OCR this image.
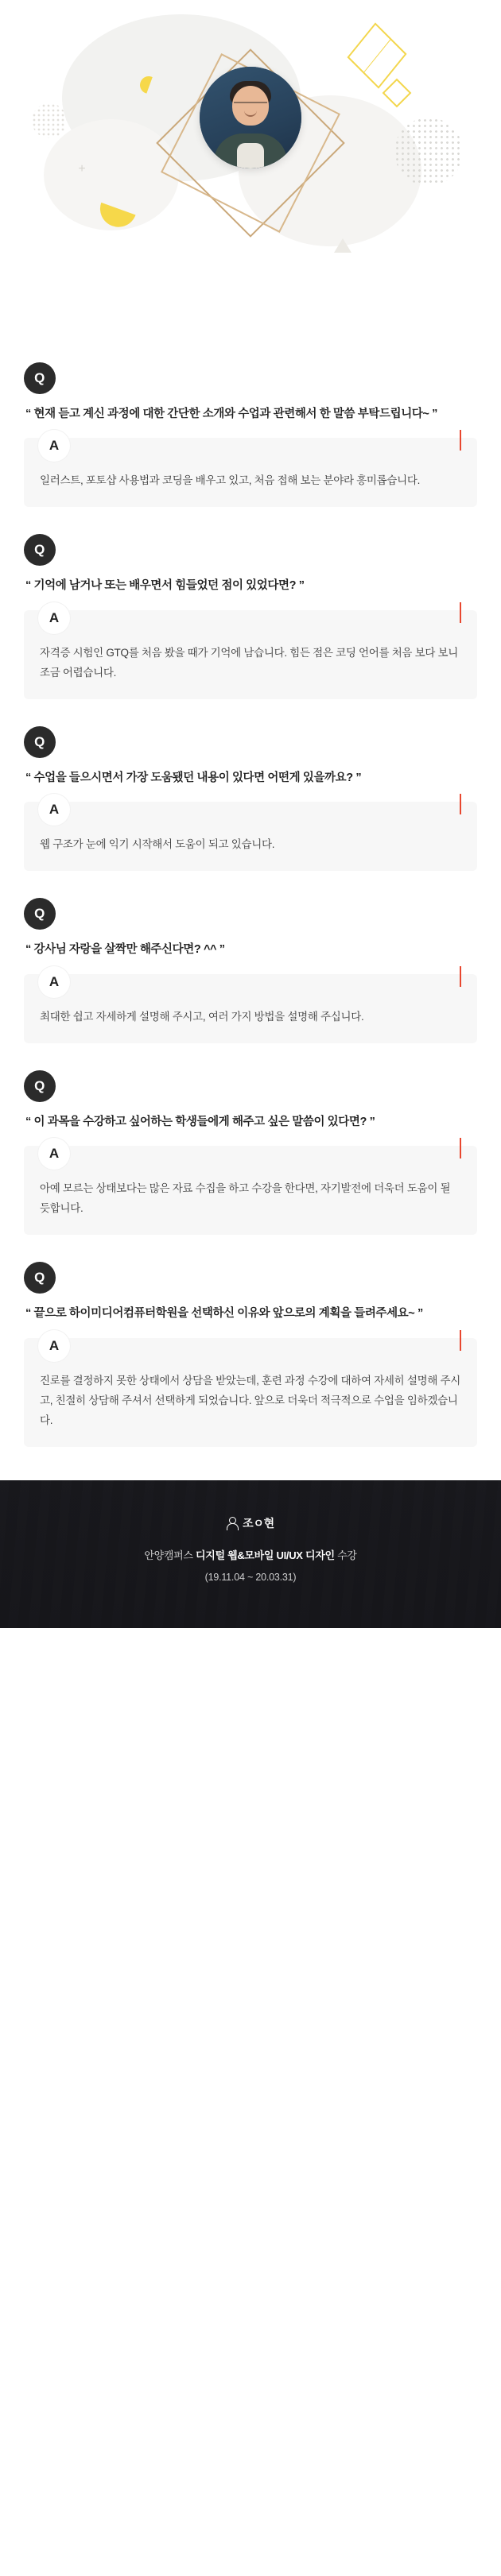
+
Q
“ 현재 듣고 계신 과정에 대한 간단한 소개와 수업과 관련해서 한 말씀 부탁드립니다~ ”
A
일러스트, 포토샵 사용법과 코딩을 배우고 있고, 처음 접해 보는 분야라 흥미롭습니다.
Q
“ 기억에 남거나 또는 배우면서 힘들었던 점이 있었다면? ”
A
자격증 시험인 GTQ를 처음 봤을 때가 기억에 남습니다. 힘든 점은 코딩 언어를 처음 보다 보니 조금 어렵습니다.
Q
“ 수업을 들으시면서 가장 도움됐던 내용이 있다면 어떤게 있을까요? ”
A
웹 구조가 눈에 익기 시작해서 도움이 되고 있습니다.
Q
“ 강사님 자랑을 살짝만 해주신다면? ^^ ”
A
최대한 쉽고 자세하게 설명해 주시고, 여러 가지 방법을 설명해 주십니다.
Q
“ 이 과목을 수강하고 싶어하는 학생들에게 해주고 싶은 말씀이 있다면? ”
A
아예 모르는 상태보다는 많은 자료 수집을 하고 수강을 한다면, 자기발전에 더욱더 도움이 될 듯합니다.
Q
“ 끝으로 하이미디어컴퓨터학원을 선택하신 이유와 앞으로의 계획을 들려주세요~ ”
A
진로를 결정하지 못한 상태에서 상담을 받았는데, 훈련 과정 수강에 대하여 자세히 설명해 주시고, 친절히 상담해 주셔서 선택하게 되었습니다. 앞으로 더욱더 적극적으로 수업을 임하겠습니다.
조ㅇ현
안양캠퍼스 디지털 웹&모바일 UI/UX 디자인 수강
(19.11.04 ~ 20.03.31)
